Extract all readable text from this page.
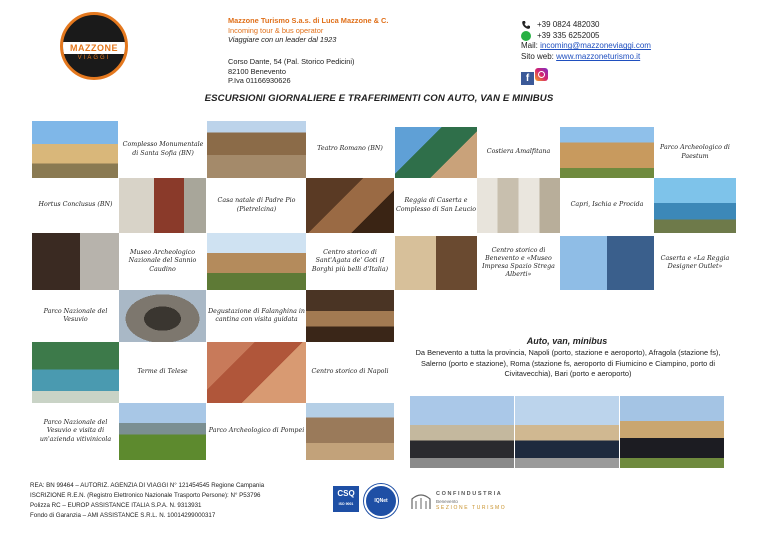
MAZZONE
VIAGGI
Mazzone Turismo S.a.s. di Luca Mazzone & C.
Incoming tour & bus operator
Viaggiare con un leader dal 1923
Corso Dante, 54 (Pal. Storico Pedicini)
82100 Benevento
P.Iva 01166930626
+39 0824 482030
+39 335 6252005
Mail: incoming@mazzoneviaggi.com
Sito web: www.mazzoneturismo.it
f
ESCURSIONI GIORNALIERE E TRAFERIMENTI CON AUTO, VAN E MINIBUS
Complesso Monumentale di Santa Sofia (BN)
Teatro Romano (BN)	Costiera Amalfitana
Parco Archeologico di Paestum
Hortus Conclusus (BN)
Casa natale di Padre Pio (Pietrelcina)
Reggia di Caserta e Complesso di San Leucio
Capri, Ischia e Procida
Museo Archeologico Nazionale del Sannio Caudino
Centro storico di Sant'Agata de' Goti (I Borghi più belli d'Italia)
Centro storico di Benevento e «Museo Impresa Spazio Strega Alberti»
Caserta e «La Reggia Designer Outlet»
Parco Nazionale del Vesuvio
Degustazione di Falanghina in cantina con visita guidata
Terme di Telese	Centro storico di Napoli
Parco Nazionale del Vesuvio e visita di un'azienda vitivinicola
Parco Archeologico di Pompei
Auto, van, minibus
Da Benevento a tutta la provincia, Napoli (porto, stazione e aeroporto), Afragola (stazione fs), Salerno (porto e stazione), Roma (stazione fs, aeroporto di Fiumicino e Ciampino, porto di Civitavecchia), Bari (porto e aeroporto)
REA: BN 99464 – AUTORIZ. AGENZIA DI VIAGGI N° 121454545 Regione Campania
ISCRIZIONE R.E.N. (Registro Elettronico Nazionale Trasporto Persone): N° P53796
Polizza RC – EUROP ASSISTANCE ITALIA S.P.A. N. 9313931
Fondo di Garanzia – AMI ASSISTANCE S.R.L. N. 10014299000317
CSQ
ISO 9001	IQNet
CONFINDUSTRIA
Benevento
SEZIONE TURISMO
